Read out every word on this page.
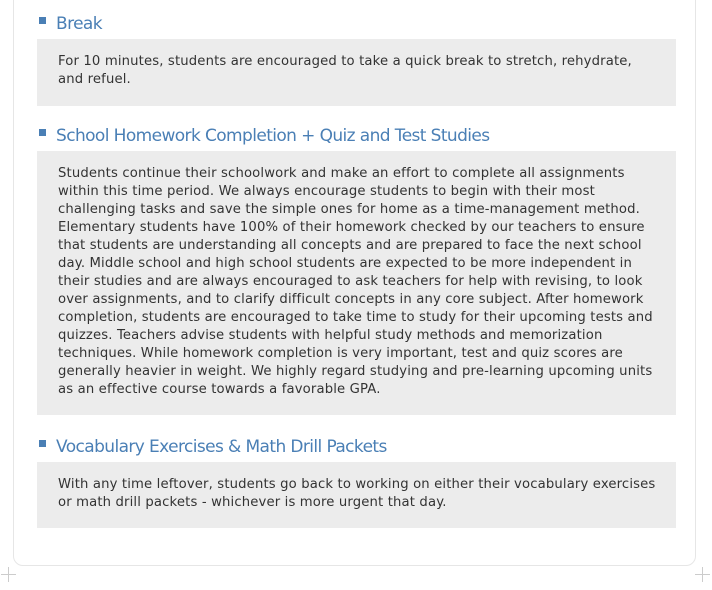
Break
For 10 minutes, students are encouraged to take a quick break to stretch, rehydrate, and refuel.
School Homework Completion + Quiz and Test Studies
Students continue their schoolwork and make an effort to complete all assignments within this time period. We always encourage students to begin with their most challenging tasks and save the simple ones for home as a time-management method. Elementary students have 100% of their homework checked by our teachers to ensure that students are understanding all concepts and are prepared to face the next school day. Middle school and high school students are expected to be more independent in their studies and are always encouraged to ask teachers for help with revising, to look over assignments, and to clarify difficult concepts in any core subject. After homework completion, students are encouraged to take time to study for their upcoming tests and quizzes. Teachers advise students with helpful study methods and memorization techniques. While homework completion is very important, test and quiz scores are generally heavier in weight. We highly regard studying and pre-learning upcoming units as an effective course towards a favorable GPA.
Vocabulary Exercises & Math Drill Packets
With any time leftover, students go back to working on either their vocabulary exercises or math drill packets - whichever is more urgent that day.
